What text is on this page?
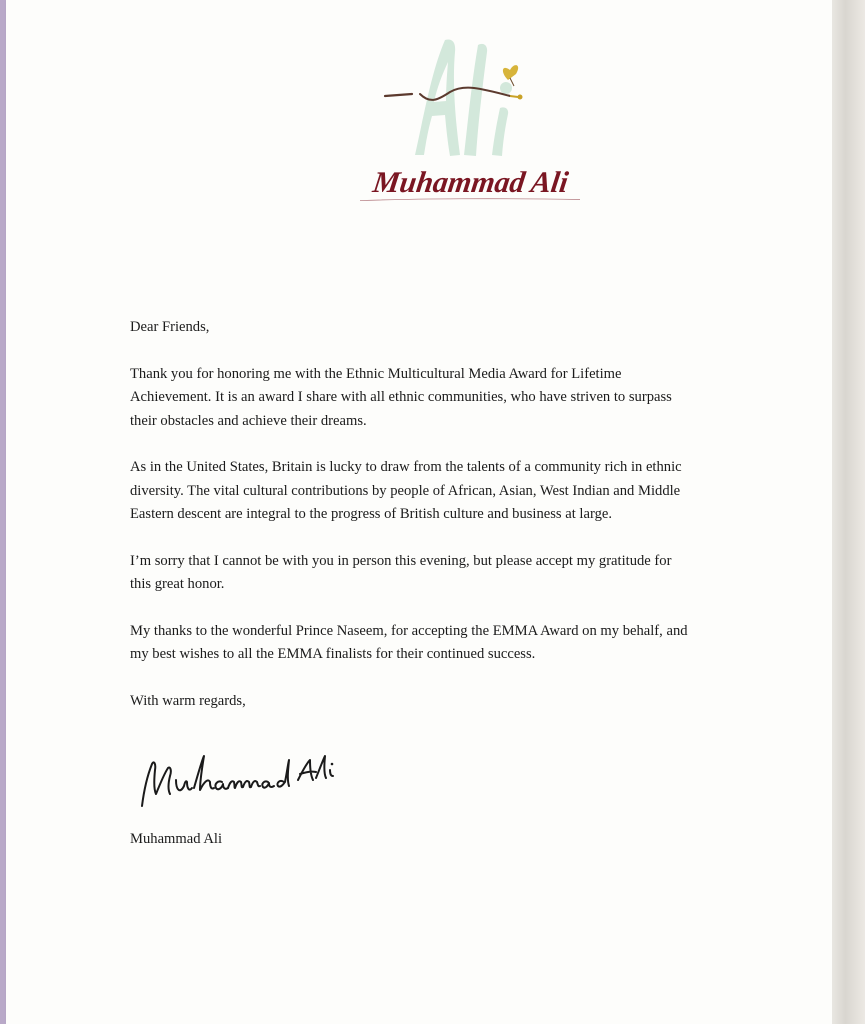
Muhammad Ali

Dear Friends,

Thank you for honoring me with the Ethnic Multicultural Media Award for Lifetime
Achievement. It is an award I share with all ethnic communities, who have striven to surpass
their obstacles and achieve their dreams.

As in the United States, Britain is lucky to draw from the talents of a community rich in ethnic
diversity. The vital cultural contributions by people of African, Asian, West Indian and Middle
Eastern descent are integral to the progress of British culture and business at large.

I’m sorry that I cannot be with you in person this evening, but please accept my gratitude for
this great honor.

My thanks to the wonderful Prince Naseem, for accepting the EMMA Award on my behalf, and
my best wishes to all the EMMA finalists for their continued success.

With warm regards,

Muhammad Ali
